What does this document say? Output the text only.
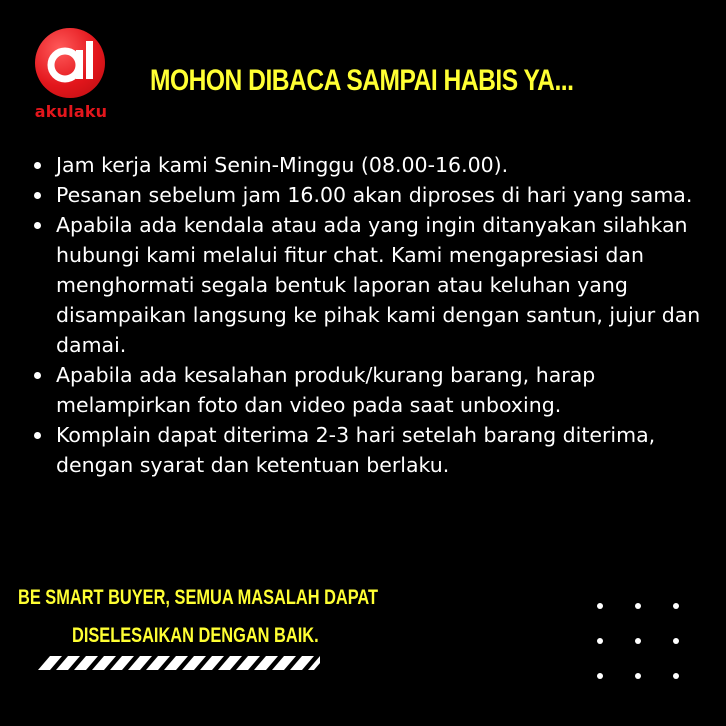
akulaku
MOHON DIBACA SAMPAI HABIS YA...
Jam kerja kami Senin-Minggu (08.00-16.00).
Pesanan sebelum jam 16.00 akan diproses di hari yang sama.
Apabila ada kendala atau ada yang ingin ditanyakan silahkan hubungi kami melalui fitur chat. Kami mengapresiasi dan menghormati segala bentuk laporan atau keluhan yang disampaikan langsung ke pihak kami dengan santun, jujur dan damai.
Apabila ada kesalahan produk/kurang barang, harap melampirkan foto dan video pada saat unboxing.
Komplain dapat diterima 2-3 hari setelah barang diterima, dengan syarat dan ketentuan berlaku.
BE SMART BUYER, SEMUA MASALAH DAPAT
DISELESAIKAN DENGAN BAIK.
